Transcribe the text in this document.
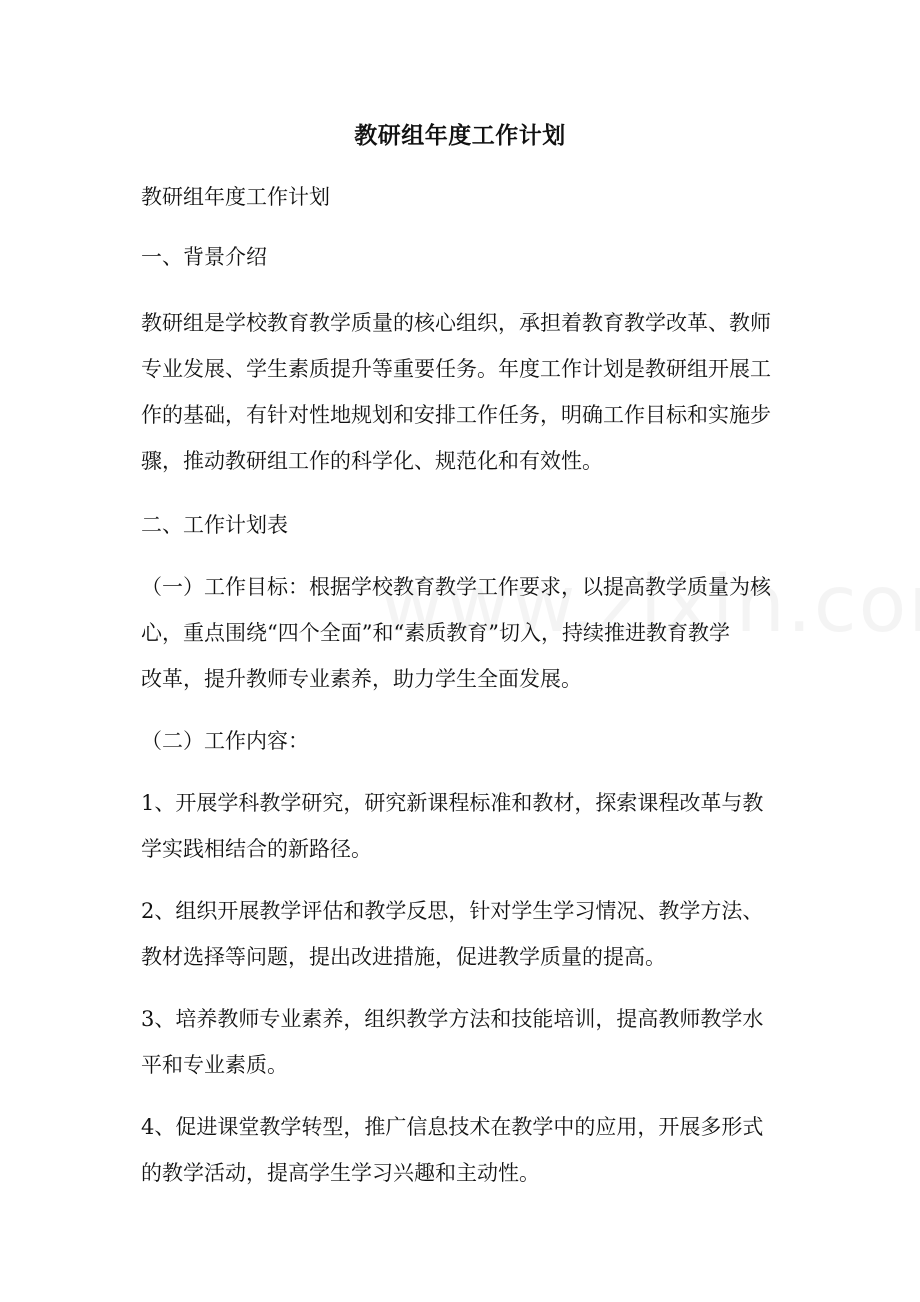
教研组年度工作计划
教研组年度工作计划
一、背景介绍
教研组是学校教育教学质量的核心组织，承担着教育教学改革、教师
专业发展、学生素质提升等重要任务。年度工作计划是教研组开展工
作的基础，有针对性地规划和安排工作任务，明确工作目标和实施步
骤，推动教研组工作的科学化、规范化和有效性。
二、工作计划表
（一）工作目标：根据学校教育教学工作要求，以提高教学质量为核
心，重点围绕“四个全面”和“素质教育”切入，持续推进教育教学
改革，提升教师专业素养，助力学生全面发展。
（二）工作内容：
1、开展学科教学研究，研究新课程标准和教材，探索课程改革与教
学实践相结合的新路径。
2、组织开展教学评估和教学反思，针对学生学习情况、教学方法、
教材选择等问题，提出改进措施，促进教学质量的提高。
3、培养教师专业素养，组织教学方法和技能培训，提高教师教学水
平和专业素质。
4、促进课堂教学转型，推广信息技术在教学中的应用，开展多形式
的教学活动，提高学生学习兴趣和主动性。
